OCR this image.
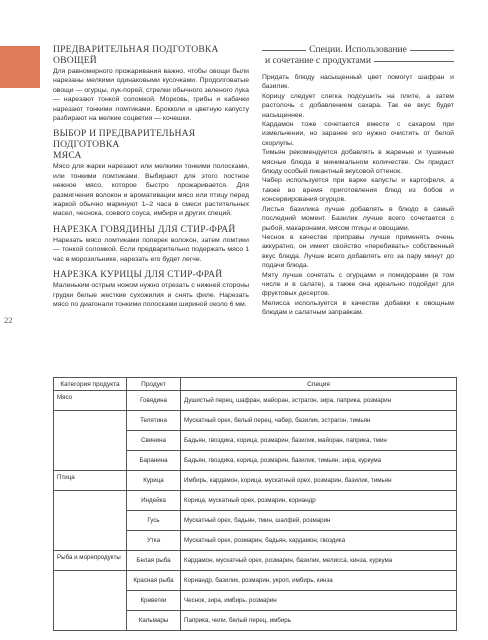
22
ПРЕДВАРИТЕЛЬНАЯ ПОДГОТОВКА ОВОЩЕЙ
Для равномерного прожаривания важно, чтобы овощи были нарезаны мелкими одинаковыми кусочками. Продолговатые овощи — огурцы, лук-порей, стрелки обычного зеленого лука — нарезают тонкой соломкой. Морковь, грибы и кабачки нарезают тонкими ломтиками. Брокколи и цветную капусту разбирают на мелкие соцветия — кочешки.
ВЫБОР И ПРЕДВАРИТЕЛЬНАЯ ПОДГОТОВКА
МЯСА
Мясо для жарки нарезают или мелкими тонкими полосками, или тонкими ломтиками. Выбирают для этого постное нежное мясо, которое быстро прожаривается. Для размягчения волокон и аромативации мясо или птицу перед жаркой обычно маринуют 1–2 часа в смеси растительных масел, чеснока, соевого соуса, имбиря и других специй.
НАРЕЗКА ГОВЯДИНЫ ДЛЯ СТИР-ФРАЙ
Нарезать мясо ломтиками поперек волокон, затем ломтики — тонкой соломкой. Если предварительно подержать мясо 1 час в морозильнике, нарезать его будет легче.
НАРЕЗКА КУРИЦЫ ДЛЯ СТИР-ФРАЙ
Маленьким острым ножом нужно отрезать с нижней стороны грудки белые жесткие сухожилия и снять филе. Нарезать мясо по диагонали тонкими полосками шириной около 6 мм.
Специи. Использование
и сочетание с продуктами
Придать блюду насыщенный цвет помогут шафран и базилик.
Корицу следует слегка подсушить на плите, а затем растолочь с добавлением сахара. Так ее вкус будет насыщеннее.
Кардамон тоже сочетается вместе с сахаром при измельчении, но заранее его нужно очистить от белой скорлупы.
Тимьян рекомендуется добавлять в жареные и тушеные мясные блюда в минимальном количестве. Он придаст блюду особый пикантный вкусовой оттенок.
Чабер используется при варке капусты и картофеля, а также во время приготовления блюд из бобов и консервирования огурцов.
Листья базилика лучше добавлять в блюдо в самый последний момент. Базилик лучше всего сочетается с рыбой, макаронами, мясом птицы и овощами.
Чеснок в качестве приправы лучше применять очень аккуратно, он имеет свойство «перебивать» собственный вкус блюда. Лучше всего добавлять его за пару минут до подачи блюда.
Мяту лучше сочетать с огурцами и помидорами (в том числе и в салате), а также она идеально подойдет для фруктовых десертов.
Мелисса используется в качестве добавки к овощным блюдам и салатным заправкам.
Категория продукта	Продукт	Специя
Мясо	Говядина	Душистый перец, шафран, майоран, эстрагон, зира, паприка, розмарин
	Телятина	Мускатный орех, белый перец, чабер, базилик, эстрагон, тимьян
	Свинина	Бадьян, гвоздика, корица, розмарин, базилик, майоран, паприка, тмин
	Баранина	Бадьян, гвоздика, корица, розмарин, базилик, тимьян, зира, куркума
Птица	Курица	Имбирь, кардамон, корица, мускатный орех, розмарин, базилик, тимьян
	Индейка	Корица, мускатный орех, розмарин, кориандр
	Гусь	Мускатный орех, бадьян, тмин, шалфей, розмарин
	Утка	Мускатный орех, розмарин, бадьян, кардамон, гвоздика
Рыба и морепродукты	Белая рыба	Кардамон, мускатный орех, розмарин, базилик, мелисса, кинза, куркума
	Красная рыба	Кориандр, базилик, розмарин, укроп, имбирь, кинза
	Креветки	Чеснок, зира, имбирь, розмарин
	Кальмары	Паприка, чили, белый перец, имбирь
